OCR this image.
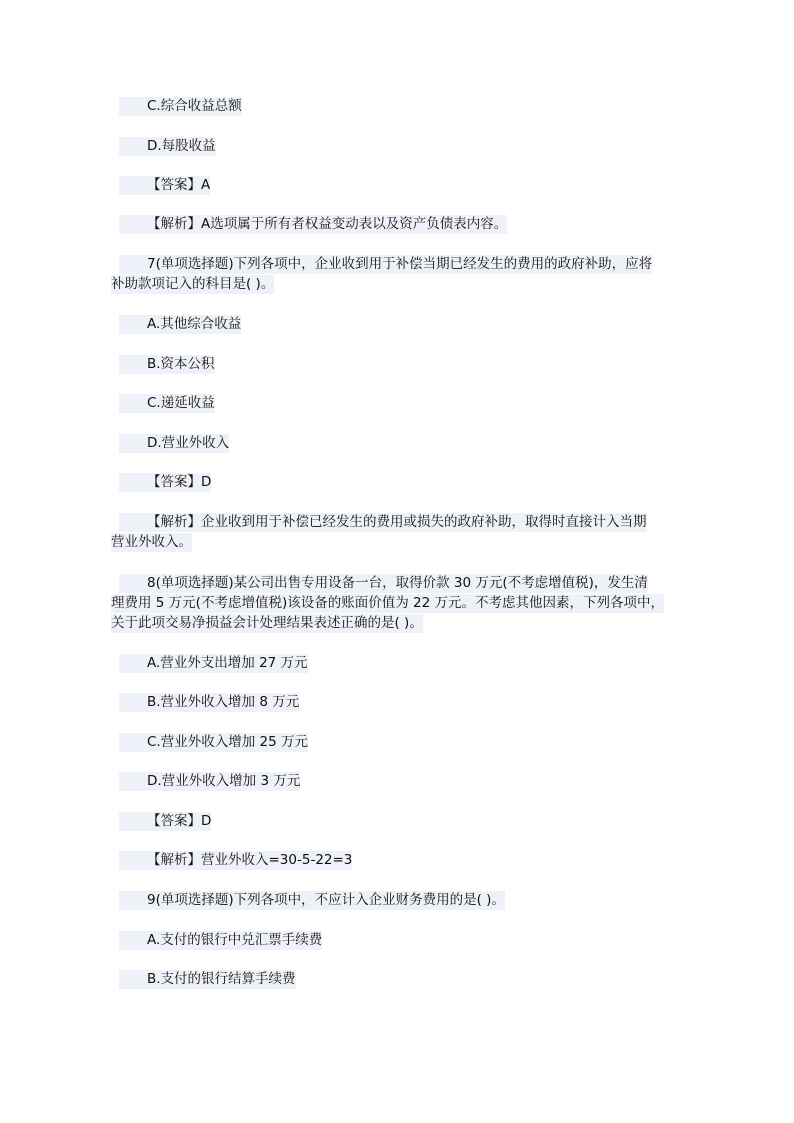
C.综合收益总额
D.每股收益
【答案】A
【解析】A选项属于所有者权益变动表以及资产负债表内容。
7(单项选择题)下列各项中，企业收到用于补偿当期已经发生的费用的政府补助，应将
补助款项记入的科目是( )。
A.其他综合收益
B.资本公积
C.递延收益
D.营业外收入
【答案】D
【解析】企业收到用于补偿已经发生的费用或损失的政府补助，取得时直接计入当期
营业外收入。
8(单项选择题)某公司出售专用设备一台，取得价款 30 万元(不考虑增值税)，发生清
理费用 5 万元(不考虑增值税)该设备的账面价值为 22 万元。不考虑其他因素，下列各项中，
关于此项交易净损益会计处理结果表述正确的是( )。
A.营业外支出增加 27 万元
B.营业外收入增加 8 万元
C.营业外收入增加 25 万元
D.营业外收入增加 3 万元
【答案】D
【解析】营业外收入=30-5-22=3
9(单项选择题)下列各项中，不应计入企业财务费用的是( )。
A.支付的银行中兑汇票手续费
B.支付的银行结算手续费
